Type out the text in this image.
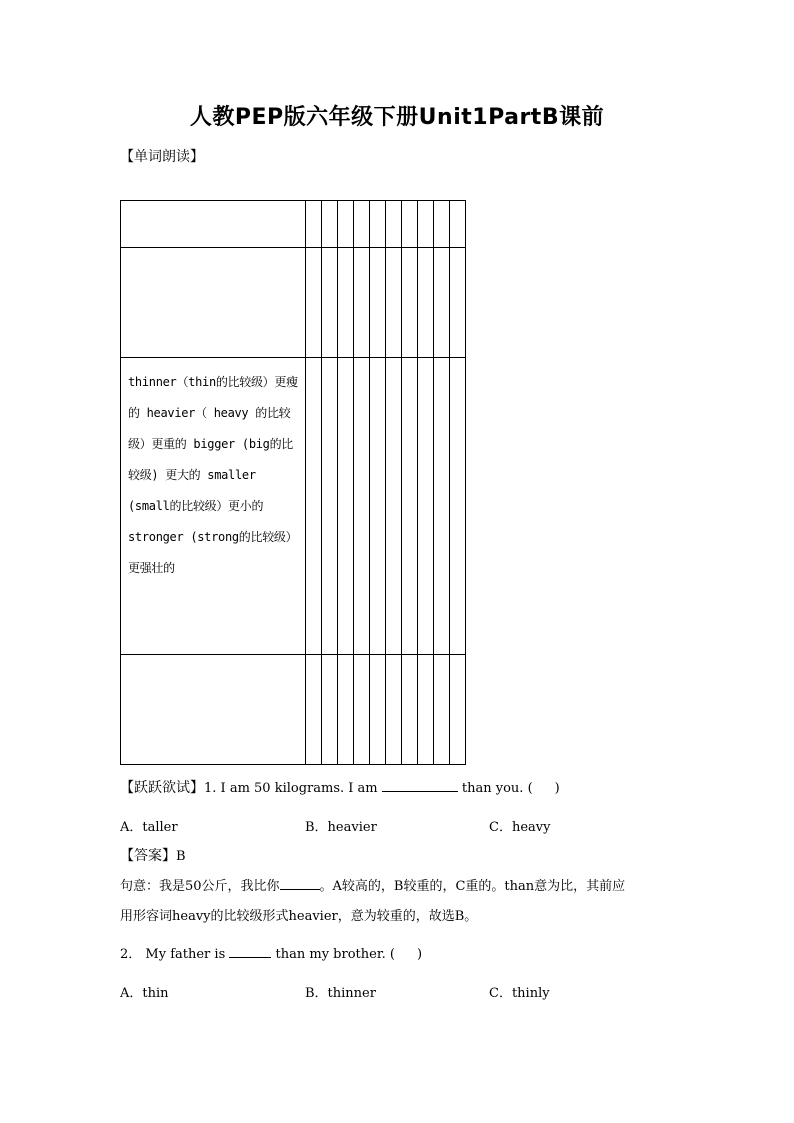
人教PEP版六年级下册Unit1PartB课前
【单词朗读】

thinner（thin的比较级）更瘦的 heavier（ heavy 的比较级）更重的 bigger (big的比较级) 更大的 smaller (small的比较级）更小的 stronger (strong的比较级）更强壮的										

【跃跃欲试】1. I am 50 kilograms. I am	than you. ( )
A．taller	B．heavier	C．heavy
【答案】B
句意：我是50公斤，我比你	。A较高的，B较重的，C重的。than意为比，其前应
用形容词heavy的比较级形式heavier，意为较重的，故选B。
2． My father is	than my brother. ( )
A．thin	B．thinner	C．thinly
